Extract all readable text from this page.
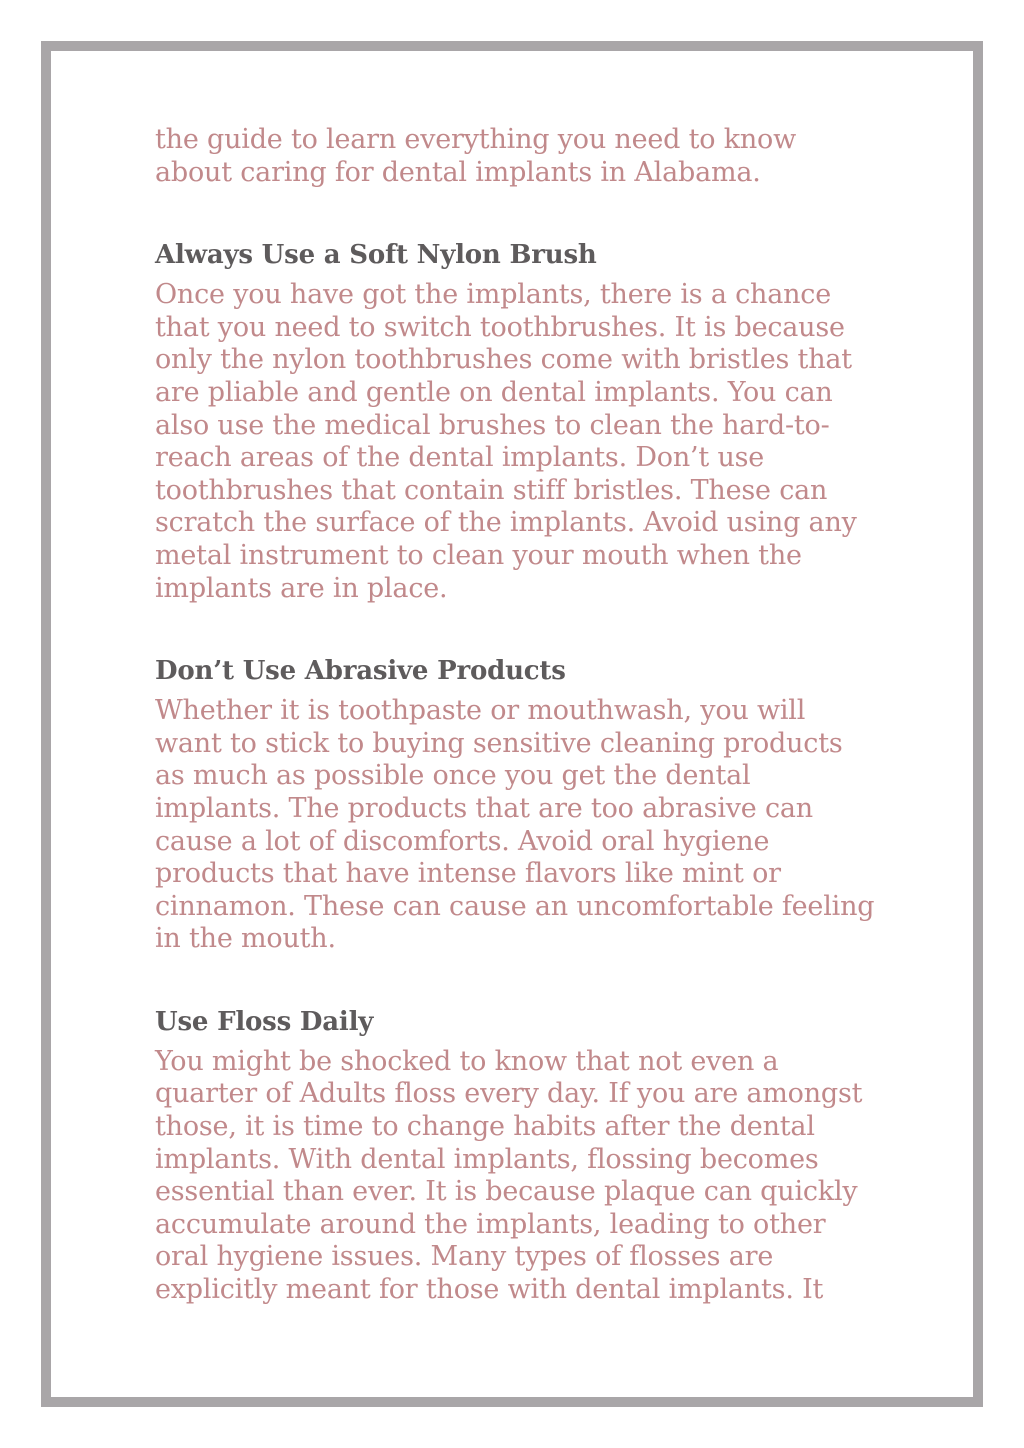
the guide to learn everything you need to know
about caring for dental implants in Alabama.

Always Use a Soft Nylon Brush

Once you have got the implants, there is a chance
that you need to switch toothbrushes. It is because
only the nylon toothbrushes come with bristles that
are pliable and gentle on dental implants. You can
also use the medical brushes to clean the hard-to-
reach areas of the dental implants. Don’t use
toothbrushes that contain stiff bristles. These can
scratch the surface of the implants. Avoid using any
metal instrument to clean your mouth when the
implants are in place.

Don’t Use Abrasive Products

Whether it is toothpaste or mouthwash, you will
want to stick to buying sensitive cleaning products
as much as possible once you get the dental
implants. The products that are too abrasive can
cause a lot of discomforts. Avoid oral hygiene
products that have intense flavors like mint or
cinnamon. These can cause an uncomfortable feeling
in the mouth.

Use Floss Daily

You might be shocked to know that not even a
quarter of Adults floss every day. If you are amongst
those, it is time to change habits after the dental
implants. With dental implants, flossing becomes
essential than ever. It is because plaque can quickly
accumulate around the implants, leading to other
oral hygiene issues. Many types of flosses are
explicitly meant for those with dental implants. It
